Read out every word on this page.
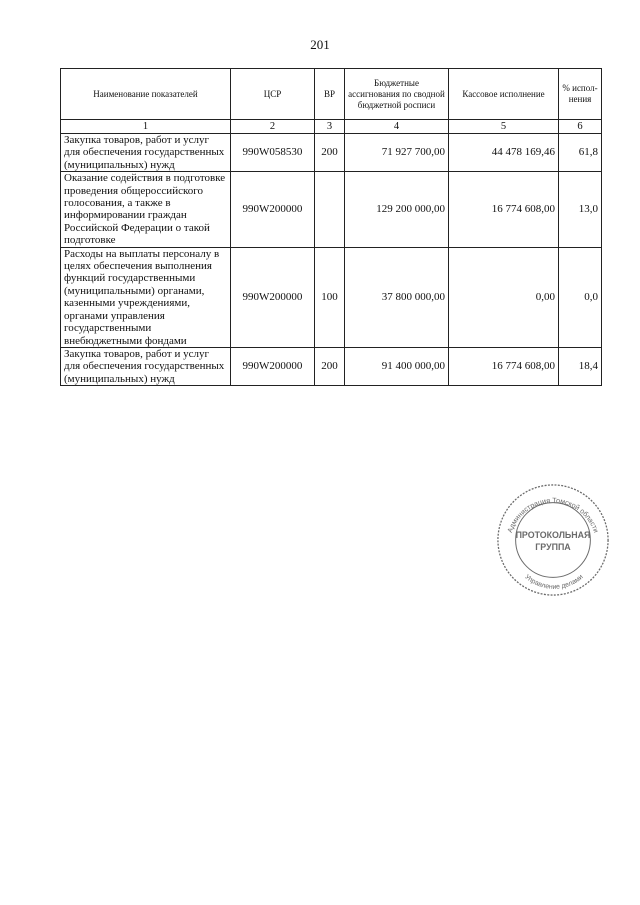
201
Наименование показателей	ЦСР	ВР	Бюджетные ассигнования по сводной бюджетной росписи	Кассовое исполнение	% испол-нения
1	2	3	4	5	6
Закупка товаров, работ и услуг для обеспечения государственных (муниципальных) нужд	990W058530	200	71 927 700,00	44 478 169,46	61,8
Оказание содействия в подготовке проведения общероссийского голосования, а также в информировании граждан Российской Федерации о такой подготовке	990W200000		129 200 000,00	16 774 608,00	13,0
Расходы на выплаты персоналу в целях обеспечения выполнения функций государственными (муниципальными) органами, казенными учреждениями, органами управления государственными внебюджетными фондами	990W200000	100	37 800 000,00	0,00	0,0
Закупка товаров, работ и услуг для обеспечения государственных (муниципальных) нужд	990W200000	200	91 400 000,00	16 774 608,00	18,4
Администрация Томской области
ПРОТОКОЛЬНАЯ
ГРУППА
Управление делами
